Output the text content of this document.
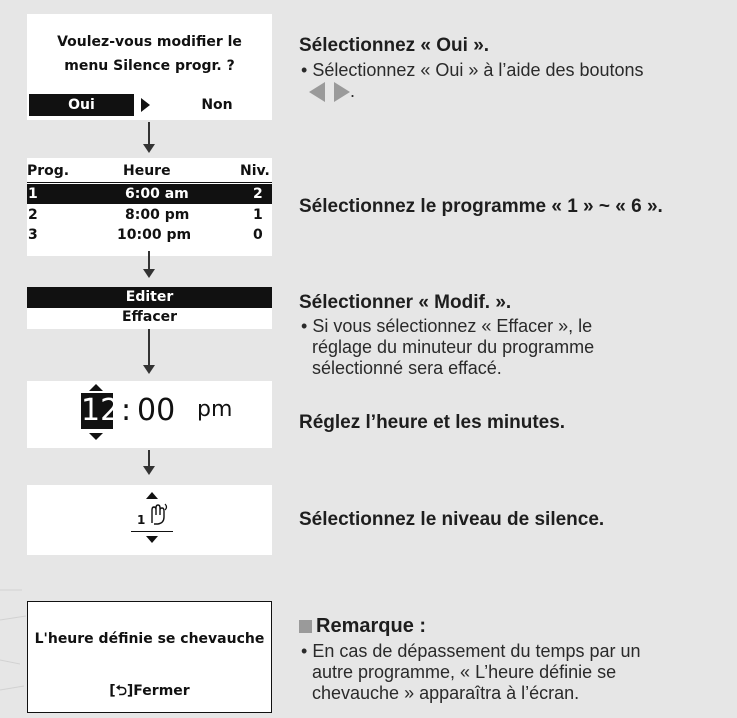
Voulez-vous modifier le
menu Silence progr. ?
Oui	Non
Sélectionnez « Oui ».
• Sélectionnez « Oui » à l’aide des boutons
.
Prog.	Heure	Niv.
1	6:00 am	2
2	8:00 pm	1
3	10:00 pm	0
Sélectionnez le programme « 1 » ~ « 6 ».
Editer
Effacer
Sélectionner « Modif. ».
• Si vous sélectionnez « Effacer », le
réglage du minuteur du programme
sélectionné sera effacé.
12 : 00 pm
Réglez l’heure et les minutes.
1	Sélectionnez le niveau de silence.
L'heure définie se chevauche
[⮌]Fermer
Remarque :
• En cas de dépassement du temps par un
autre programme, « L’heure définie se
chevauche » apparaîtra à l’écran.
